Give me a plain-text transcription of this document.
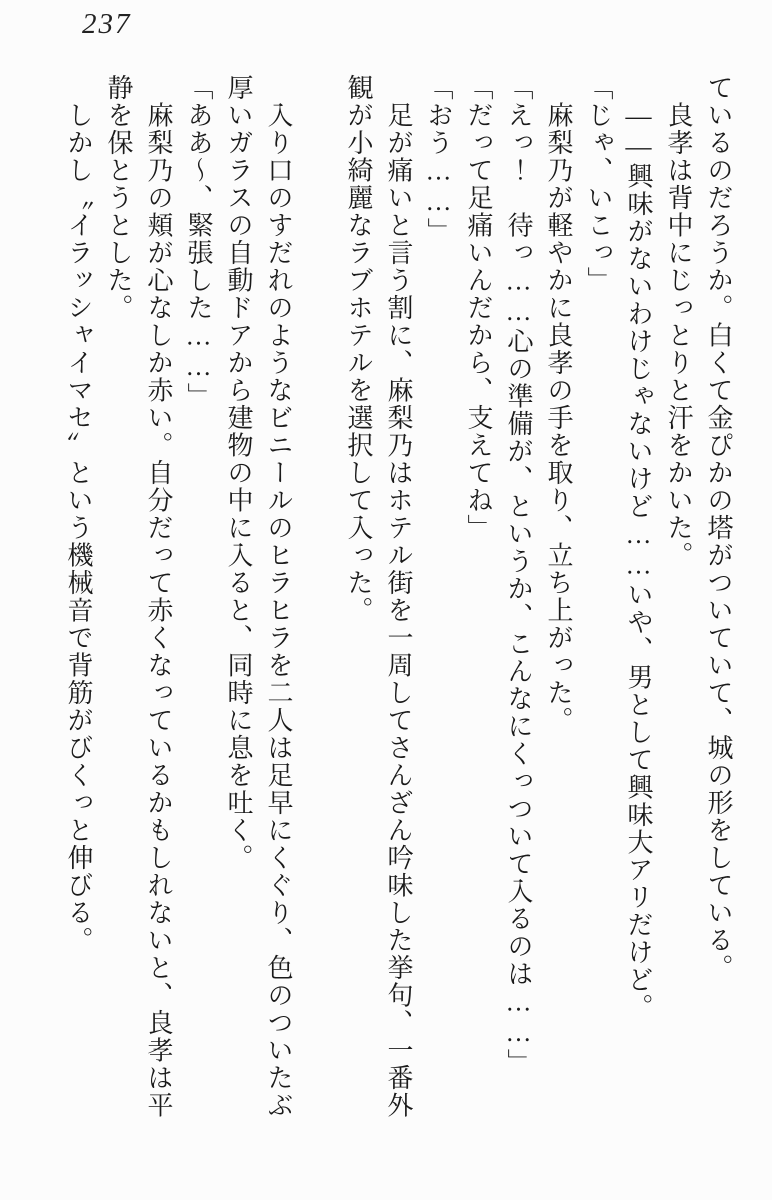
237
ているのだろうか。白くて金ぴかの塔がついていて、城の形をしている。
　良孝は背中にじっとりと汗をかいた。
　――興味がないわけじゃないけど……いや、男として興味大アリだけど。
「じゃ、いこっ」
　麻梨乃が軽やかに良孝の手を取り、立ち上がった。
「えっ！　待っ……心の準備が、というか、こんなにくっついて入るのは……」
「だって足痛いんだから、支えてね」
「おう……」
　足が痛いと言う割に、麻梨乃はホテル街を一周してさんざん吟味した挙句、一番外
観が小綺麗なラブホテルを選択して入った。
　入り口のすだれのようなビニールのヒラヒラを二人は足早にくぐり、色のついたぶ
厚いガラスの自動ドアから建物の中に入ると、同時に息を吐く。
「ああ～、緊張した……」
　麻梨乃の頬が心なしか赤い。自分だって赤くなっているかもしれないと、良孝は平
静を保とうとした。
　しかし〝イラッシャイマセ〟という機械音で背筋がびくっと伸びる。
